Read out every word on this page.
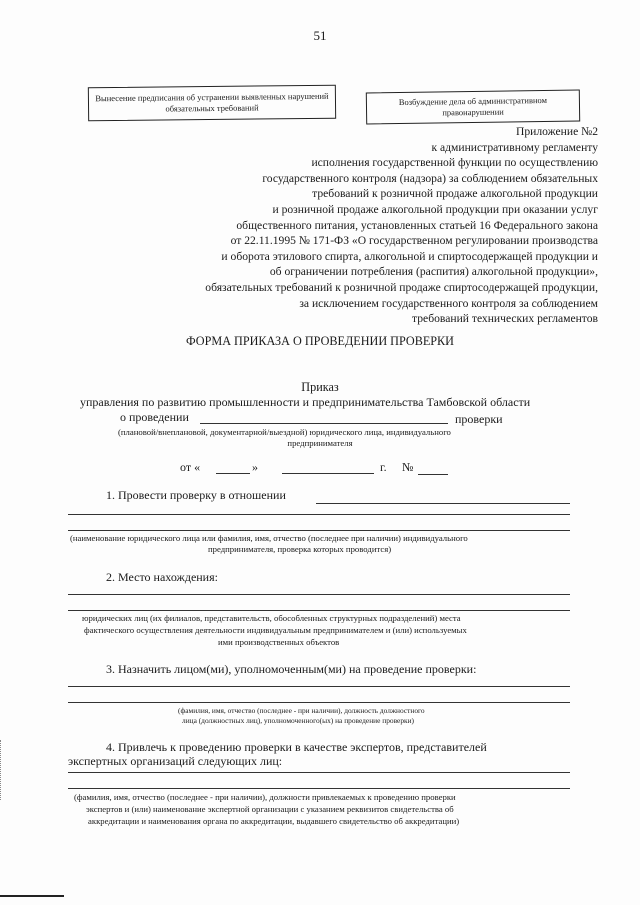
51
Вынесение предписания об устранении выявленных нарушений обязательных требований
Возбуждение дела об административном правонарушении
Приложение №2
к административному регламенту
исполнения государственной функции по осуществлению
государственного контроля (надзора) за соблюдением обязательных
требований к розничной продаже алкогольной продукции
и розничной продаже алкогольной продукции при оказании услуг
общественного питания, установленных статьей 16 Федерального закона
от 22.11.1995 № 171-ФЗ «О государственном регулировании производства
и оборота этилового спирта, алкогольной и спиртосодержащей продукции и
об ограничении потребления (распития) алкогольной продукции»,
обязательных требований к розничной продаже спиртосодержащей продукции,
за исключением государственного контроля за соблюдением
требований технических регламентов
ФОРМА ПРИКАЗА О ПРОВЕДЕНИИ ПРОВЕРКИ
Приказ
управления по развитию промышленности и предпринимательства Тамбовской области
о проведении	проверки
(плановой/внеплановой, документарной/выездной) юридического лица, индивидуального
предпринимателя
от «	»	г. №
1. Провести проверку в отношении
(наименование юридического лица или фамилия, имя, отчество (последнее при наличии) индивидуального
предпринимателя, проверка которых проводится)
2. Место нахождения:
юридических лиц (их филиалов, представительств, обособленных структурных подразделений) места
фактического осуществления деятельности индивидуальным предпринимателем и (или) используемых
ими производственных объектов
3. Назначить лицом(ми), уполномоченным(ми) на проведение проверки:
(фамилия, имя, отчество (последнее - при наличии), должность должностного
лица (должностных лиц), уполномоченного(ых) на проведение проверки)
4. Привлечь к проведению проверки в качестве экспертов, представителей
экспертных организаций следующих лиц:
(фамилия, имя, отчество (последнее - при наличии), должности привлекаемых к проведению проверки
экспертов и (или) наименование экспертной организации с указанием реквизитов свидетельства об
аккредитации и наименования органа по аккредитации, выдавшего свидетельство об аккредитации)
